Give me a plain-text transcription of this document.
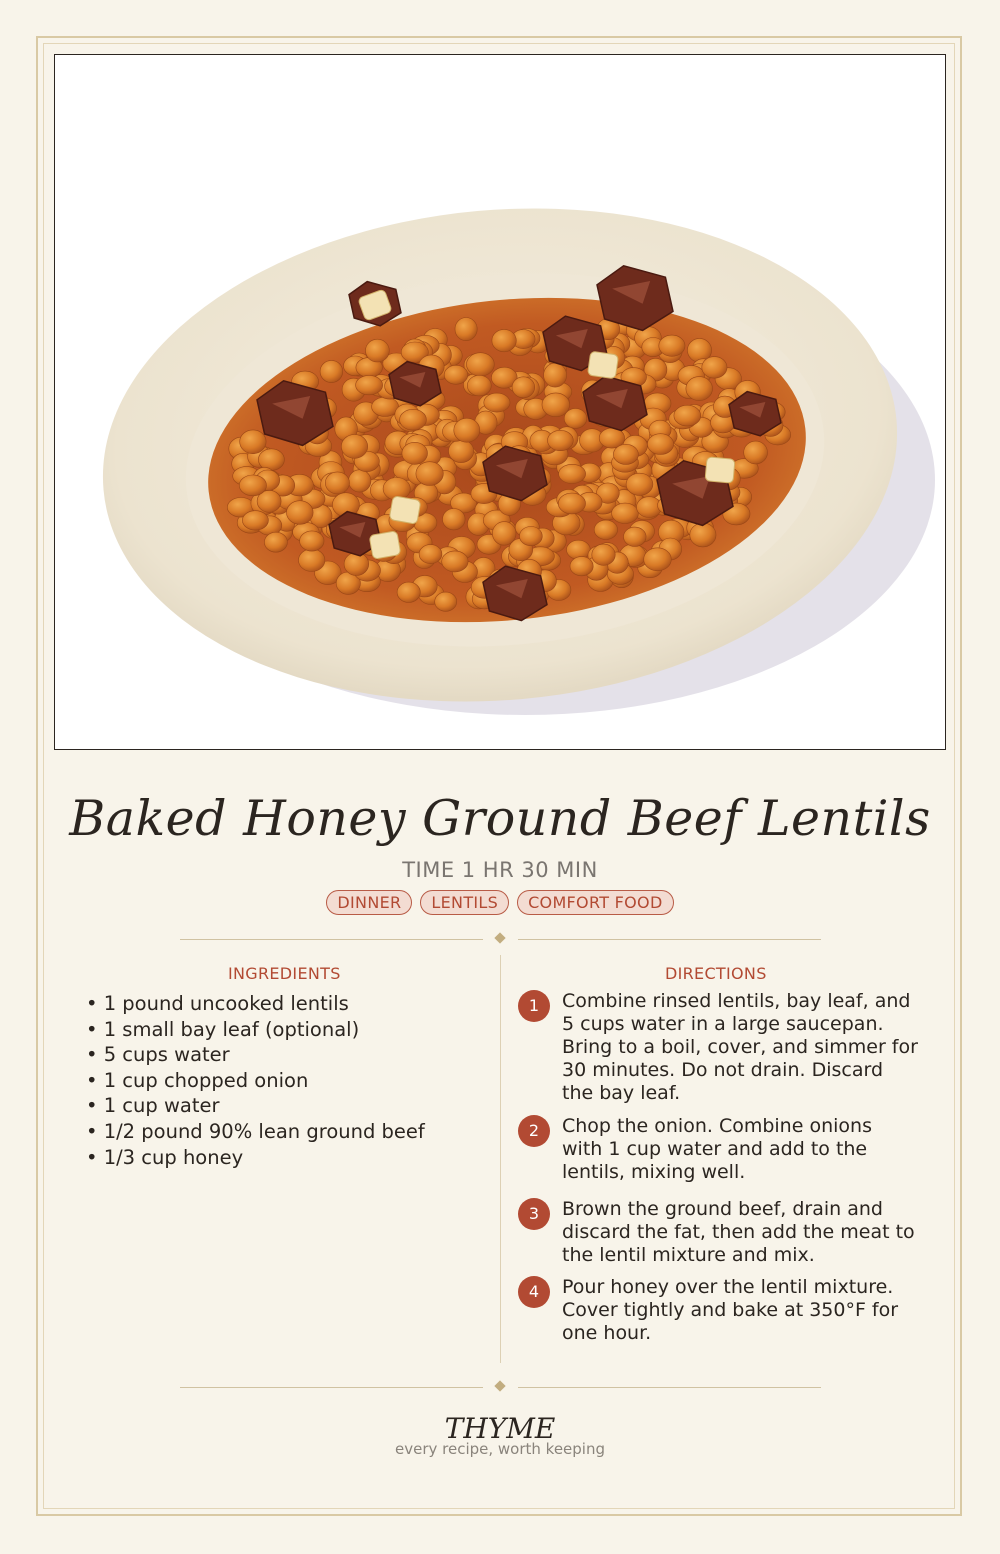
Baked Honey Ground Beef Lentils
TIME 1 HR 30 MIN
DINNER	LENTILS	COMFORT FOOD
INGREDIENTS
• 1 pound uncooked lentils
• 1 small bay leaf (optional)
• 5 cups water
• 1 cup chopped onion
• 1 cup water
• 1/2 pound 90% lean ground beef
• 1/3 cup honey
DIRECTIONS
1	Combine rinsed lentils, bay leaf, and 5 cups water in a large saucepan. Bring to a boil, cover, and simmer for 30 minutes. Do not drain. Discard the bay leaf.
2	Chop the onion. Combine onions with 1 cup water and add to the lentils, mixing well.
3	Brown the ground beef, drain and discard the fat, then add the meat to the lentil mixture and mix.
4	Pour honey over the lentil mixture. Cover tightly and bake at 350°F for one hour.
THYME
every recipe, worth keeping
